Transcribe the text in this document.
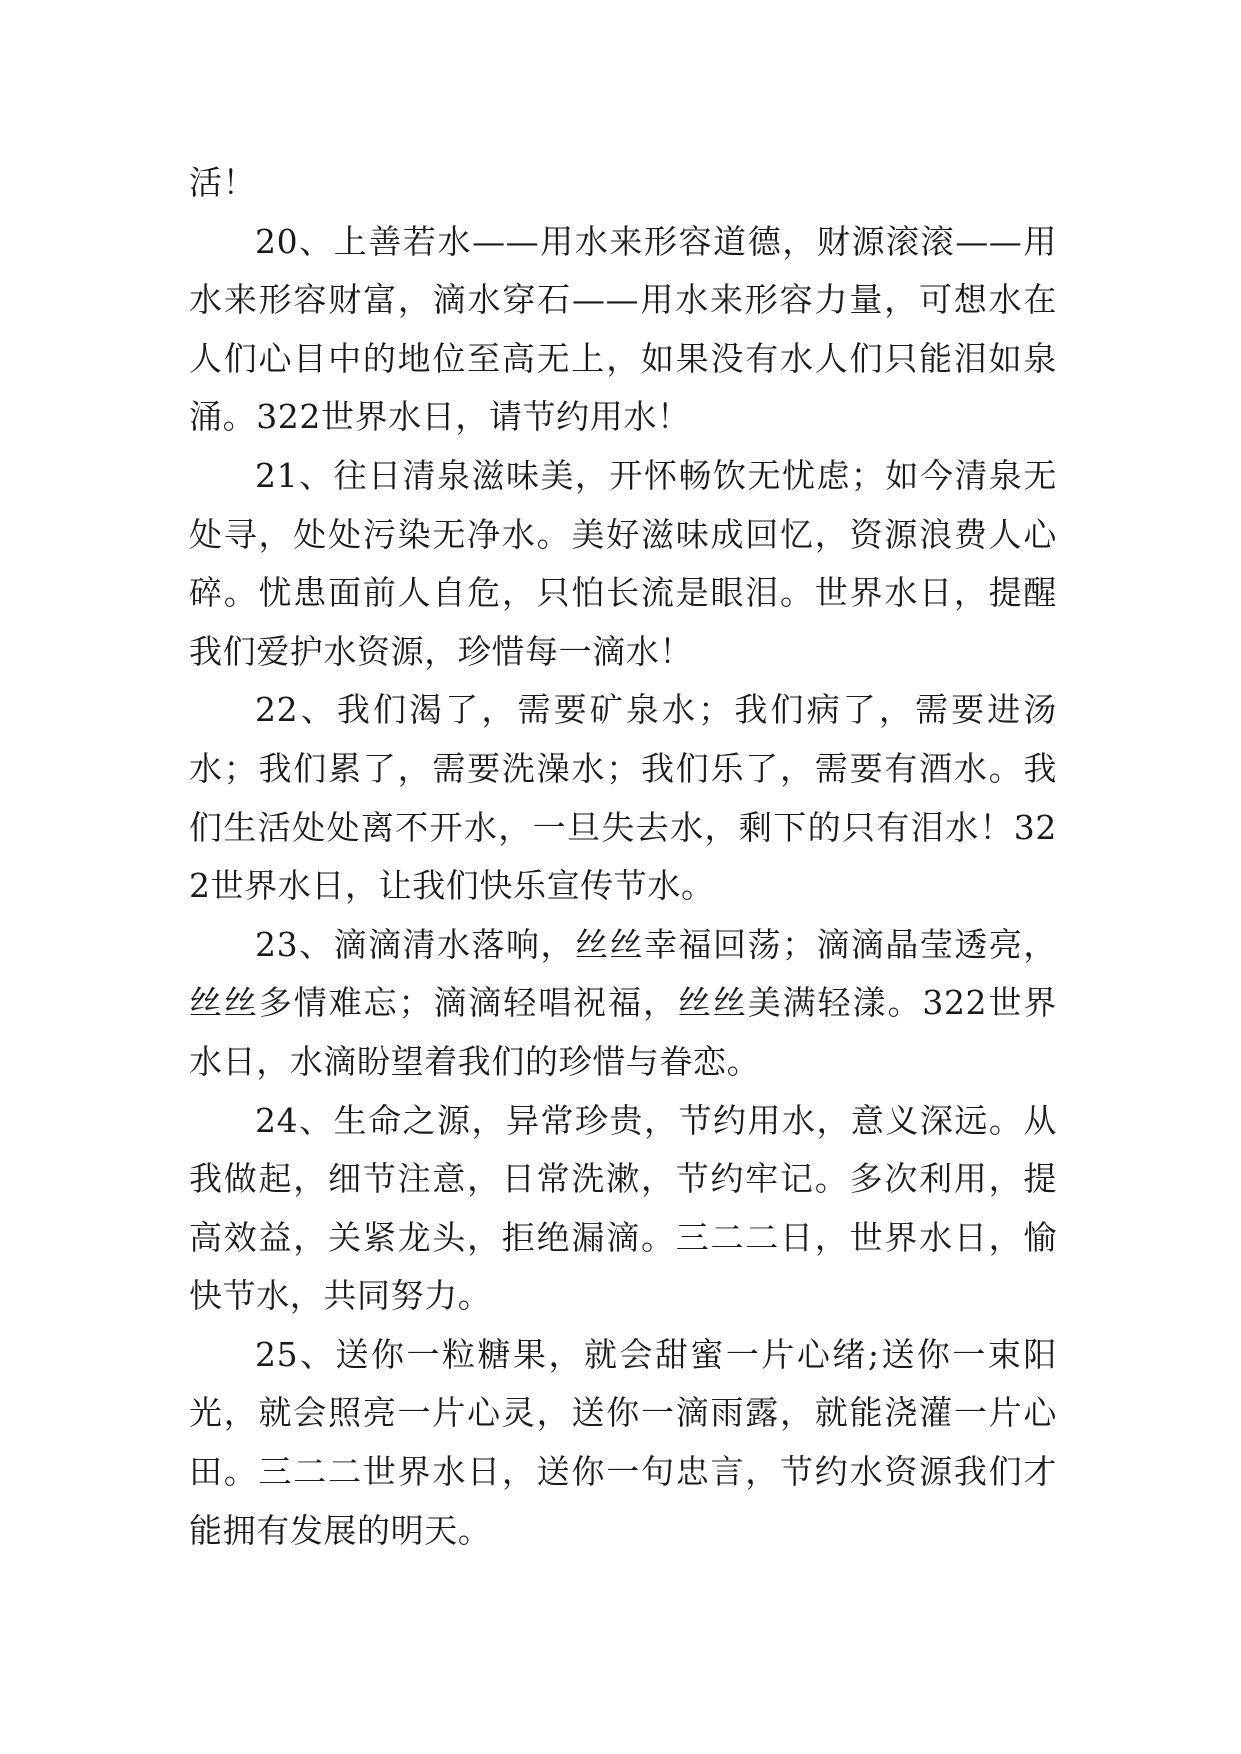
活！

20、上善若水——用水来形容道德，财源滚滚——用水来形容财富，滴水穿石——用水来形容力量，可想水在人们心目中的地位至高无上，如果没有水人们只能泪如泉涌。322世界水日，请节约用水！

21、往日清泉滋味美，开怀畅饮无忧虑；如今清泉无处寻，处处污染无净水。美好滋味成回忆，资源浪费人心碎。忧患面前人自危，只怕长流是眼泪。世界水日，提醒我们爱护水资源，珍惜每一滴水！

22、我们渴了，需要矿泉水；我们病了，需要进汤水；我们累了，需要洗澡水；我们乐了，需要有酒水。我们生活处处离不开水，一旦失去水，剩下的只有泪水！322世界水日，让我们快乐宣传节水。

23、滴滴清水落响，丝丝幸福回荡；滴滴晶莹透亮，丝丝多情难忘；滴滴轻唱祝福，丝丝美满轻漾。322世界水日，水滴盼望着我们的珍惜与眷恋。

24、生命之源，异常珍贵，节约用水，意义深远。从我做起，细节注意，日常洗漱，节约牢记。多次利用，提高效益，关紧龙头，拒绝漏滴。三二二日，世界水日，愉快节水，共同努力。

25、送你一粒糖果，就会甜蜜一片心绪;送你一束阳光，就会照亮一片心灵，送你一滴雨露，就能浇灌一片心田。三二二世界水日，送你一句忠言，节约水资源我们才能拥有发展的明天。
